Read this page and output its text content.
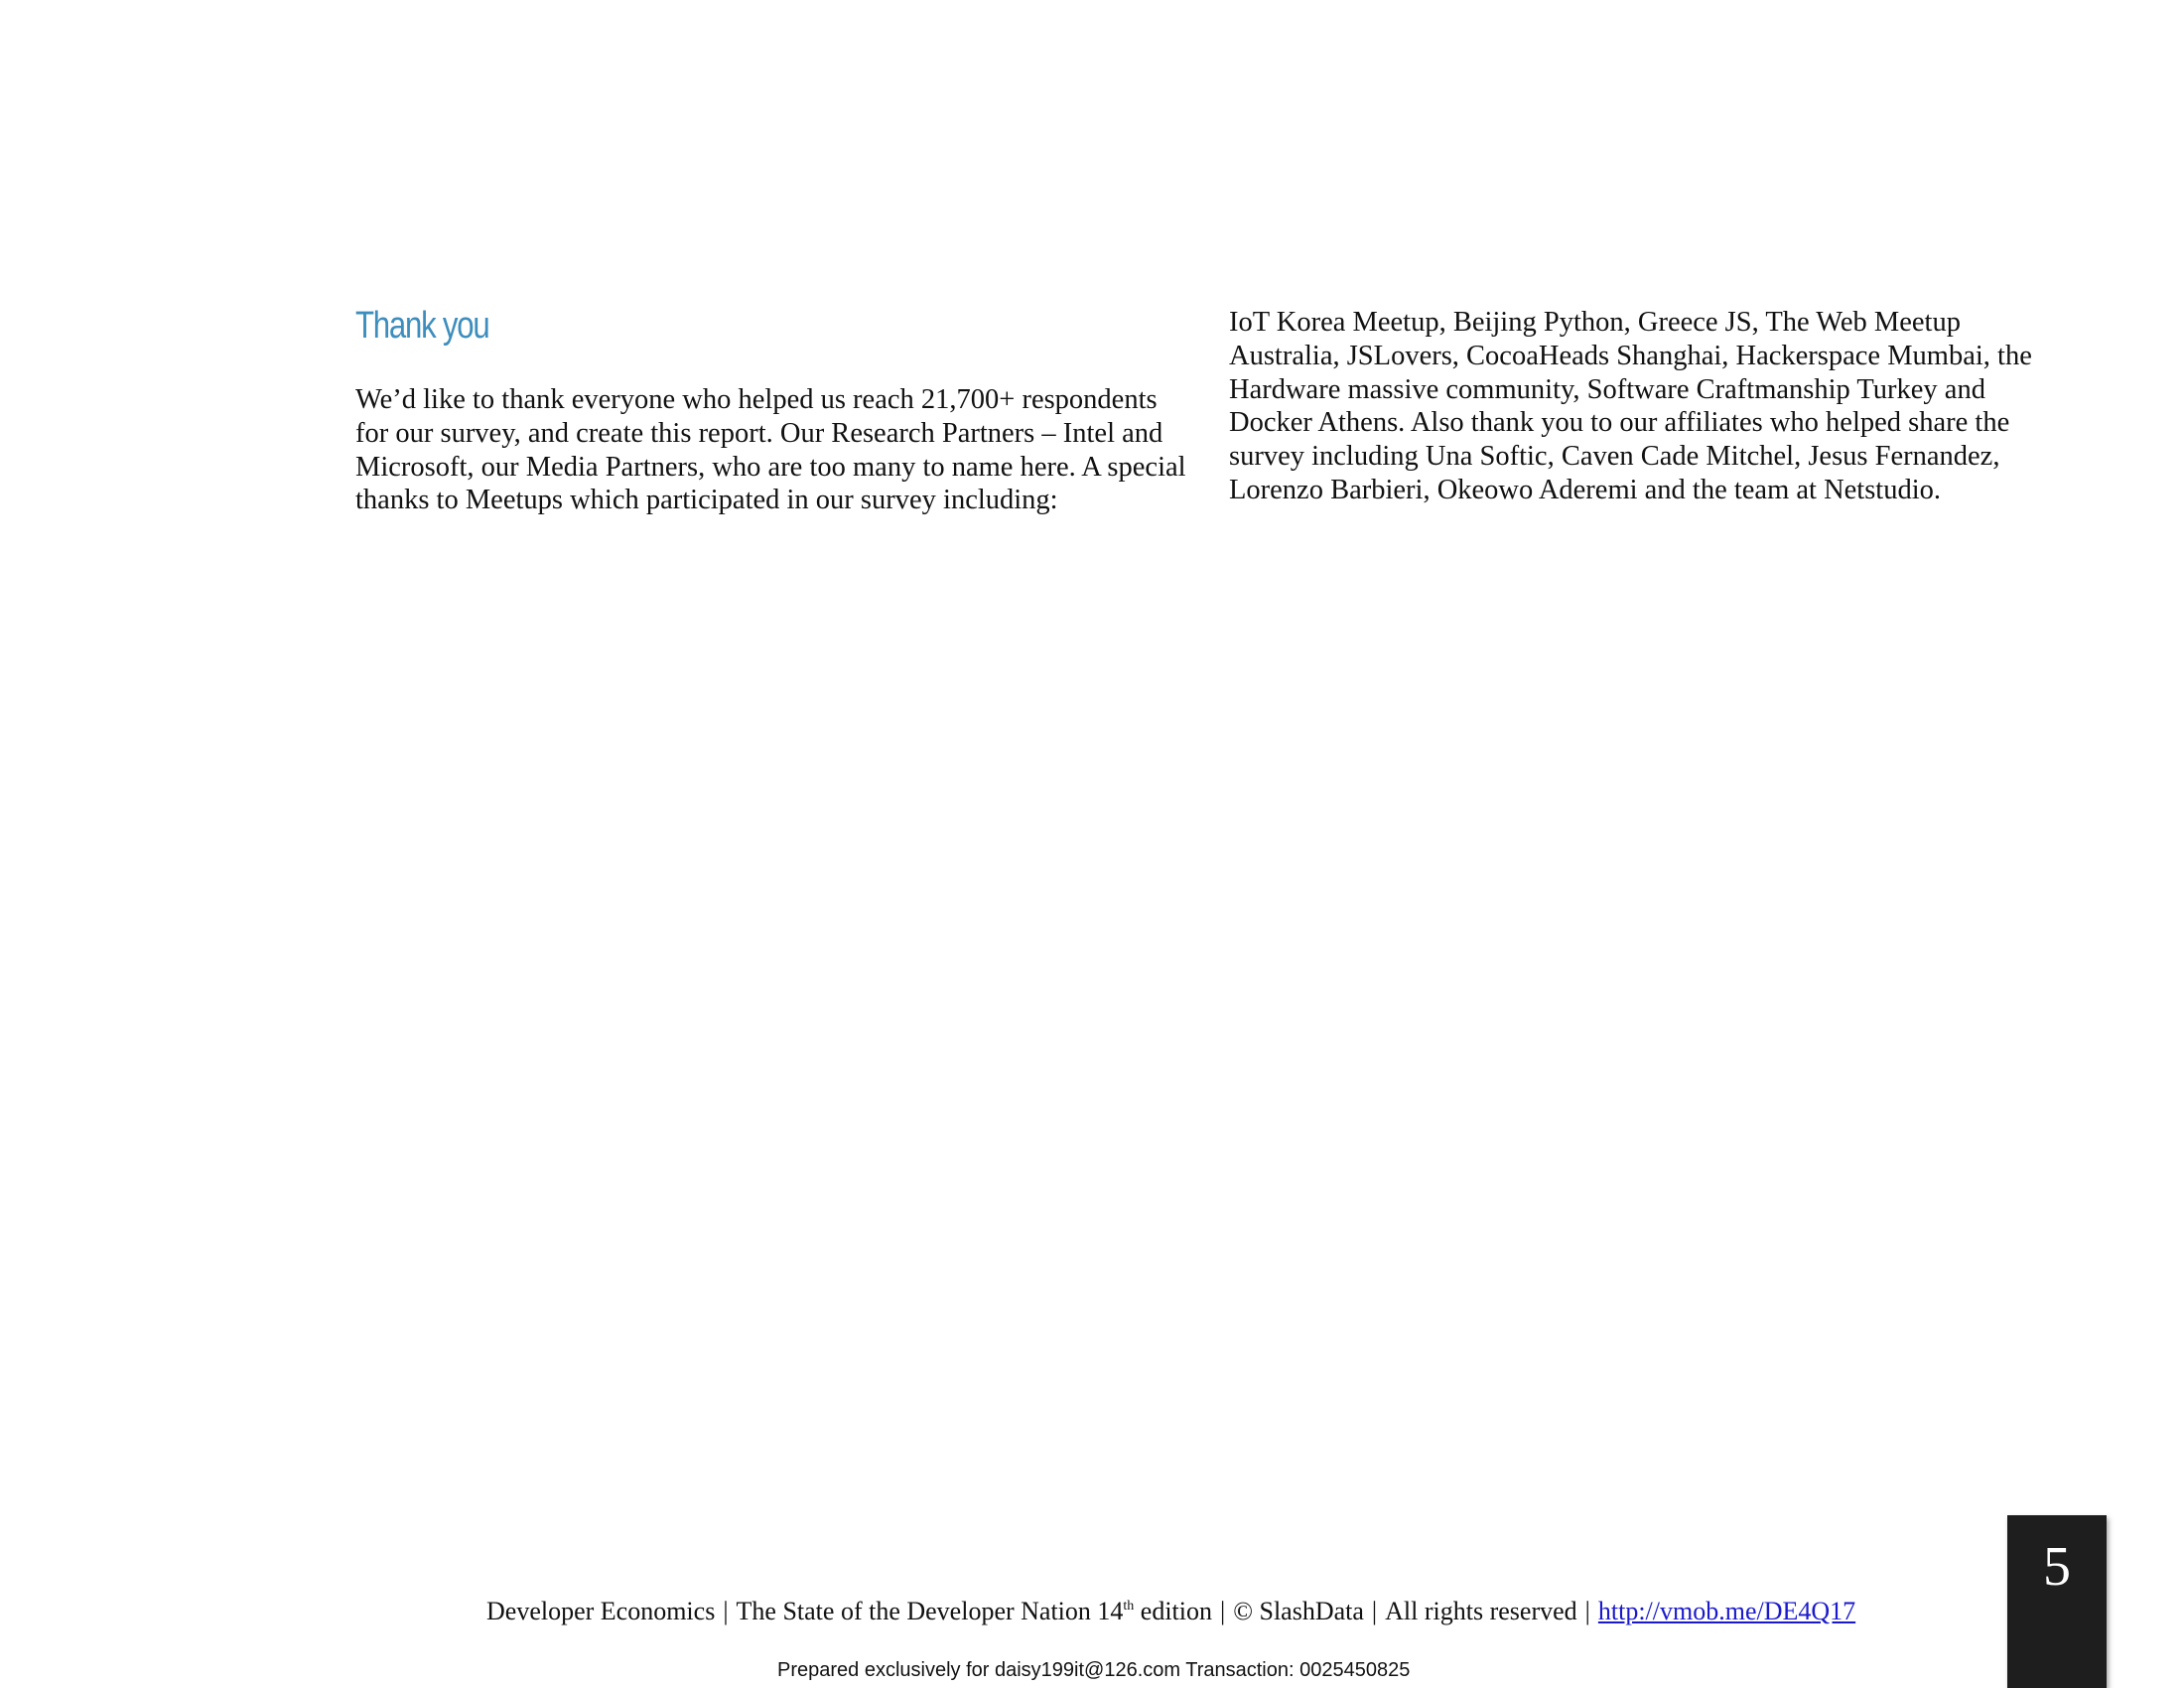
Thank you

We’d like to thank everyone who helped us reach 21,700+ respondents for our survey, and create this report. Our Research Partners – Intel and Microsoft, our Media Partners, who are too many to name here. A special thanks to Meetups which participated in our survey including:

IoT Korea Meetup, Beijing Python, Greece JS, The Web Meetup Australia, JSLovers, CocoaHeads Shanghai, Hackerspace Mumbai, the Hardware massive community, Software Craftmanship Turkey and Docker Athens. Also thank you to our affiliates who helped share the survey including Una Softic, Caven Cade Mitchel, Jesus Fernandez, Lorenzo Barbieri, Okeowo Aderemi and the team at Netstudio.

Developer Economics | The State of the Developer Nation 14th edition | © SlashData | All rights reserved | http://vmob.me/DE4Q17
Prepared exclusively for daisy199it@126.com Transaction: 0025450825
5
